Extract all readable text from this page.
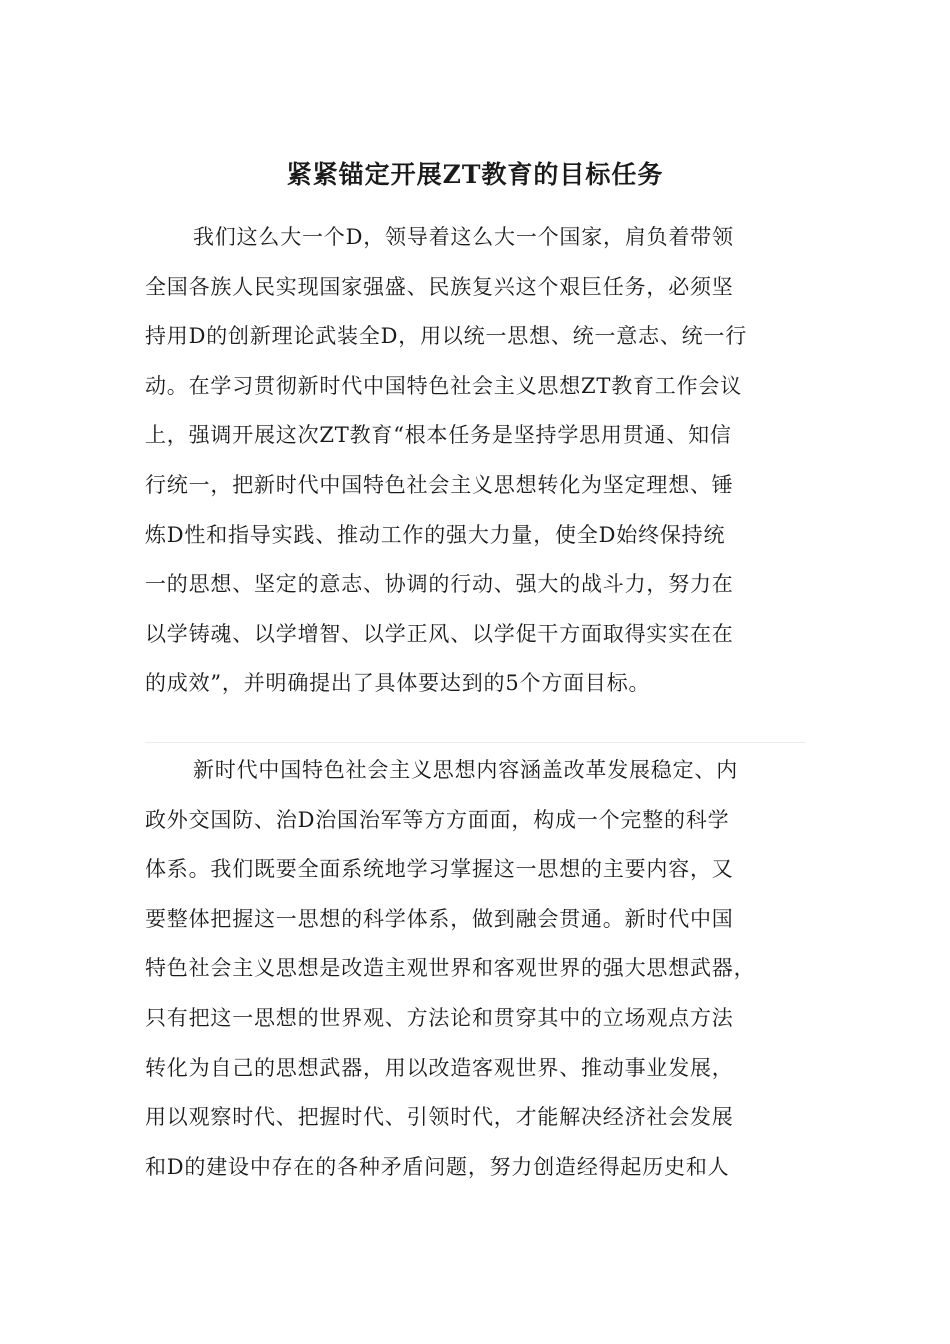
紧紧锚定开展ZT教育的目标任务

我们这么大一个D，领导着这么大一个国家，肩负着带领
全国各族人民实现国家强盛、民族复兴这个艰巨任务，必须坚
持用D的创新理论武装全D，用以统一思想、统一意志、统一行
动。在学习贯彻新时代中国特色社会主义思想ZT教育工作会议
上，强调开展这次ZT教育“根本任务是坚持学思用贯通、知信
行统一，把新时代中国特色社会主义思想转化为坚定理想、锤
炼D性和指导实践、推动工作的强大力量，使全D始终保持统
一的思想、坚定的意志、协调的行动、强大的战斗力，努力在
以学铸魂、以学增智、以学正风、以学促干方面取得实实在在
的成效”，并明确提出了具体要达到的5个方面目标。

新时代中国特色社会主义思想内容涵盖改革发展稳定、内
政外交国防、治D治国治军等方方面面，构成一个完整的科学
体系。我们既要全面系统地学习掌握这一思想的主要内容，又
要整体把握这一思想的科学体系，做到融会贯通。新时代中国
特色社会主义思想是改造主观世界和客观世界的强大思想武器，
只有把这一思想的世界观、方法论和贯穿其中的立场观点方法
转化为自己的思想武器，用以改造客观世界、推动事业发展，
用以观察时代、把握时代、引领时代，才能解决经济社会发展
和D的建设中存在的各种矛盾问题，努力创造经得起历史和人
